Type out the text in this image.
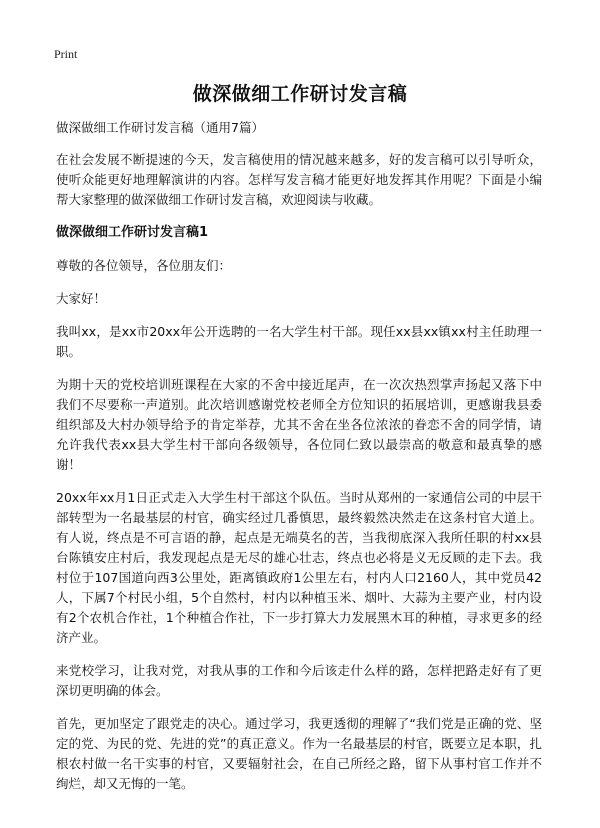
Print
做深做细工作研讨发言稿

做深做细工作研讨发言稿（通用7篇）

在社会发展不断提速的今天，发言稿使用的情况越来越多，好的发言稿可以引导听众，使听众能更好地理解演讲的内容。怎样写发言稿才能更好地发挥其作用呢？下面是小编帮大家整理的做深做细工作研讨发言稿，欢迎阅读与收藏。

做深做细工作研讨发言稿1

尊敬的各位领导，各位朋友们：

大家好！

我叫xx，是xx市20xx年公开选聘的一名大学生村干部。现任xx县xx镇xx村主任助理一职。

为期十天的党校培训班课程在大家的不舍中接近尾声，在一次次热烈掌声扬起又落下中我们不尽要称一声道别。此次培训感谢党校老师全方位知识的拓展培训，更感谢我县委组织部及大村办领导给予的肯定举荐，尤其不舍在坐各位浓浓的眷恋不舍的同学情，请允许我代表xx县大学生村干部向各级领导，各位同仁致以最崇高的敬意和最真挚的感谢！

20xx年xx月1日正式走入大学生村干部这个队伍。当时从郑州的一家通信公司的中层干部转型为一名最基层的村官，确实经过几番慎思，最终毅然决然走在这条村官大道上。有人说，终点是不可言语的静，起点是无端莫名的苦，当我彻底深入我所任职的村xx县台陈镇安庄村后，我发现起点是无尽的雄心壮志，终点也必将是义无反顾的走下去。我村位于107国道向西3公里处，距离镇政府1公里左右，村内人口2160人，其中党员42人，下属7个村民小组，5个自然村，村内以种植玉米、烟叶、大蒜为主要产业，村内设有2个农机合作社，1个种植合作社，下一步打算大力发展黑木耳的种植，寻求更多的经济产业。

来党校学习，让我对党，对我从事的工作和今后该走什么样的路，怎样把路走好有了更深切更明确的体会。

首先，更加坚定了跟党走的决心。通过学习，我更透彻的理解了“我们党是正确的党、坚定的党、为民的党、先进的党”的真正意义。作为一名最基层的村官，既要立足本职，扎根农村做一名干实事的村官，又要辐射社会，在自己所经之路，留下从事村官工作并不绚烂，却又无悔的一笔。
